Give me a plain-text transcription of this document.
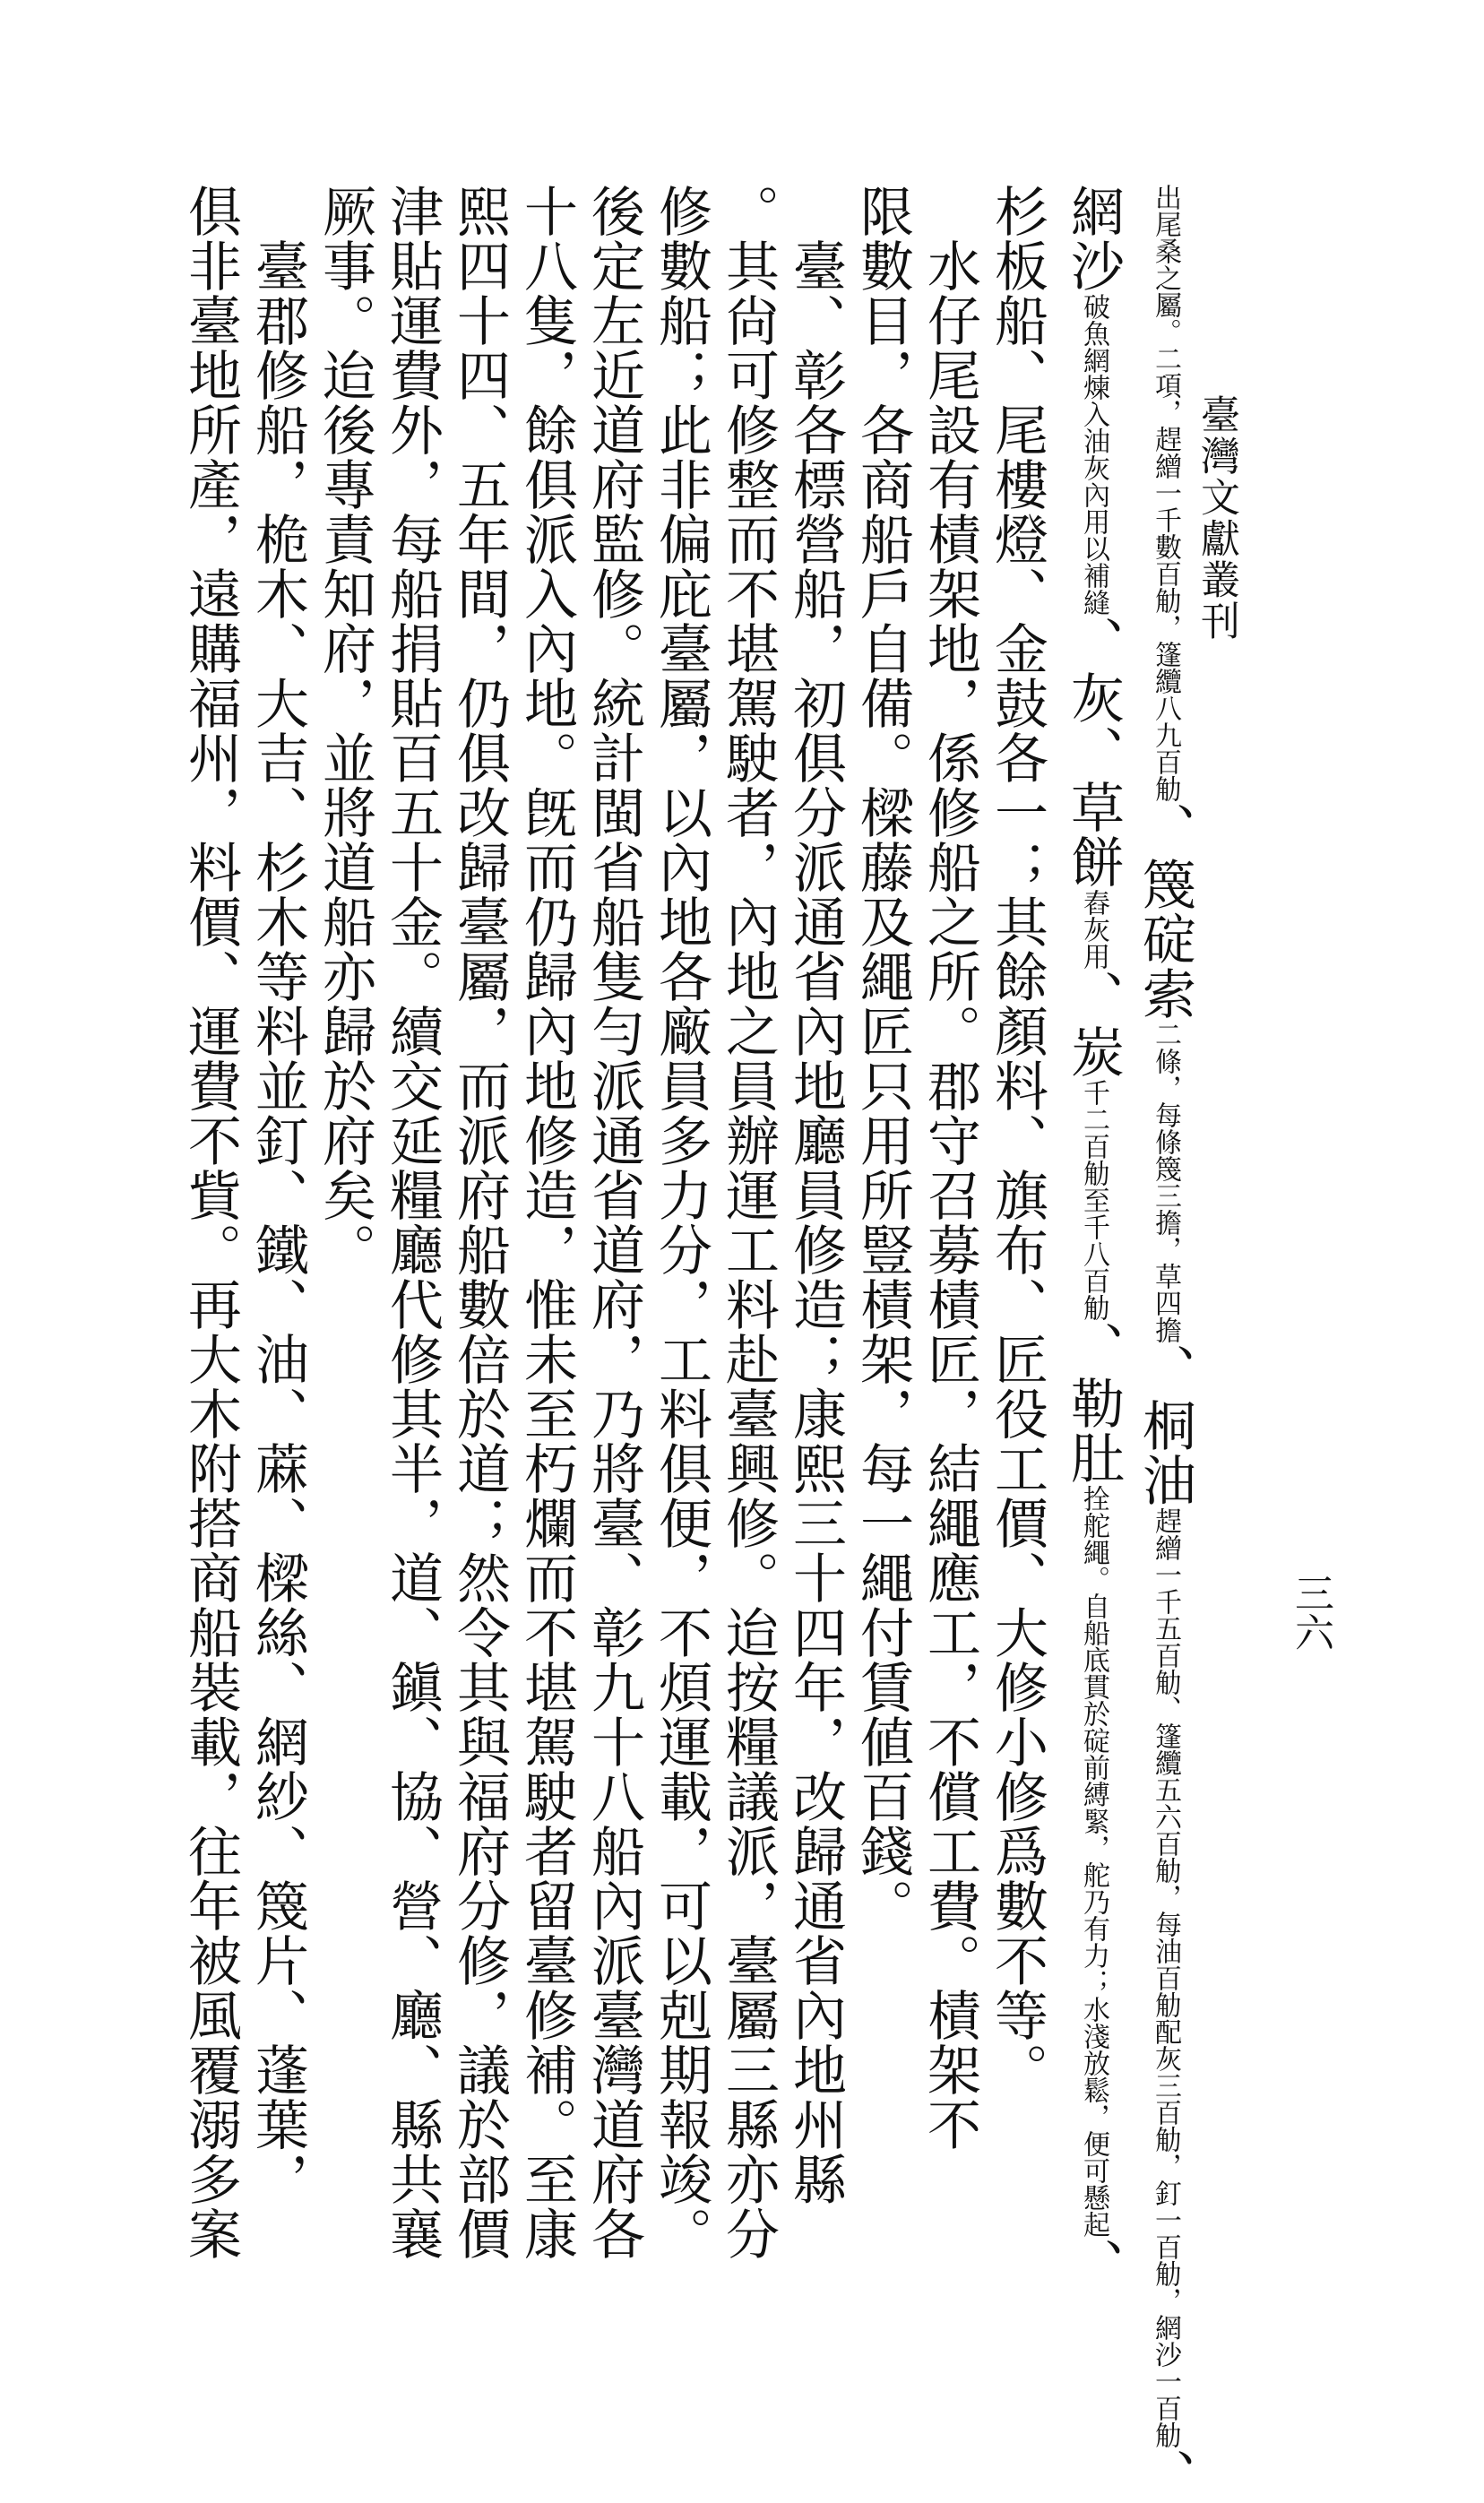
臺灣文獻叢刊
三六
出尾桑之屬。二項，趕繒一千數百觔，篷纜八九百觔、篾碇索二條，每條篾三擔，草四擔、桐油趕繒一千五百觔、篷纜五六百觔，每油百觔配灰三百觔，釘一百觔，網沙一百觔、
網沙破魚網煉入油灰內用以補縫、灰、草餅舂灰用、炭千二百觔至千八百觔、勒肚拴舵繩。自船底貫於碇前縛緊，舵乃有力；水淺放鬆，便可懸起、
杉板船、尾樓燈、金鼓各一；其餘顏料、旗布、匠役工價、大修小修爲數不等。
　水仔尾設有樍架地，係修船之所。郡守召募樍匠，結繩應工，不償工費。樍架不
限數目，各商船戶自備。樑藤及繩匠只用所豎樍架，每一繩付賃値百錢。
　臺、彰各標營船，初俱分派通省內地廳員修造；康熙三十四年，改歸通省內地州縣
。其尙可修整而不堪駕駛者，內地之員辦運工料赴臺興修。迨按糧議派，臺屬三縣亦分
修數船；此非偏庇臺屬，以內地各廠員多力分，工料俱便，不煩運載，可以剋期報竣。
後定左近道府監修。統計閩省船隻勻派通省道府，乃將臺、彰九十八船內派臺灣道府各
十八隻，餘俱派入內地。旣而仍歸內地修造，惟未至朽爛而不堪駕駛者留臺修補。至康
熙四十四、五年間，仍俱改歸臺屬，而派府船數倍於道；然令其與福府分修，議於部價
津貼運費外，每船捐貼百五十金。續交延糧廳代修其半，道、鎭、協、營、廳、縣共襄
厥事。迨後專責知府，並將道船亦歸於府矣。
　臺郡修船，桅木、大吉、杉木等料並釘、鐵、油、蔴、樑絲、網紗、篾片、蓬葉，
俱非臺地所產，遠購福州，料價、運費不貲。再大木附搭商船裝載，往年被風覆溺多案
